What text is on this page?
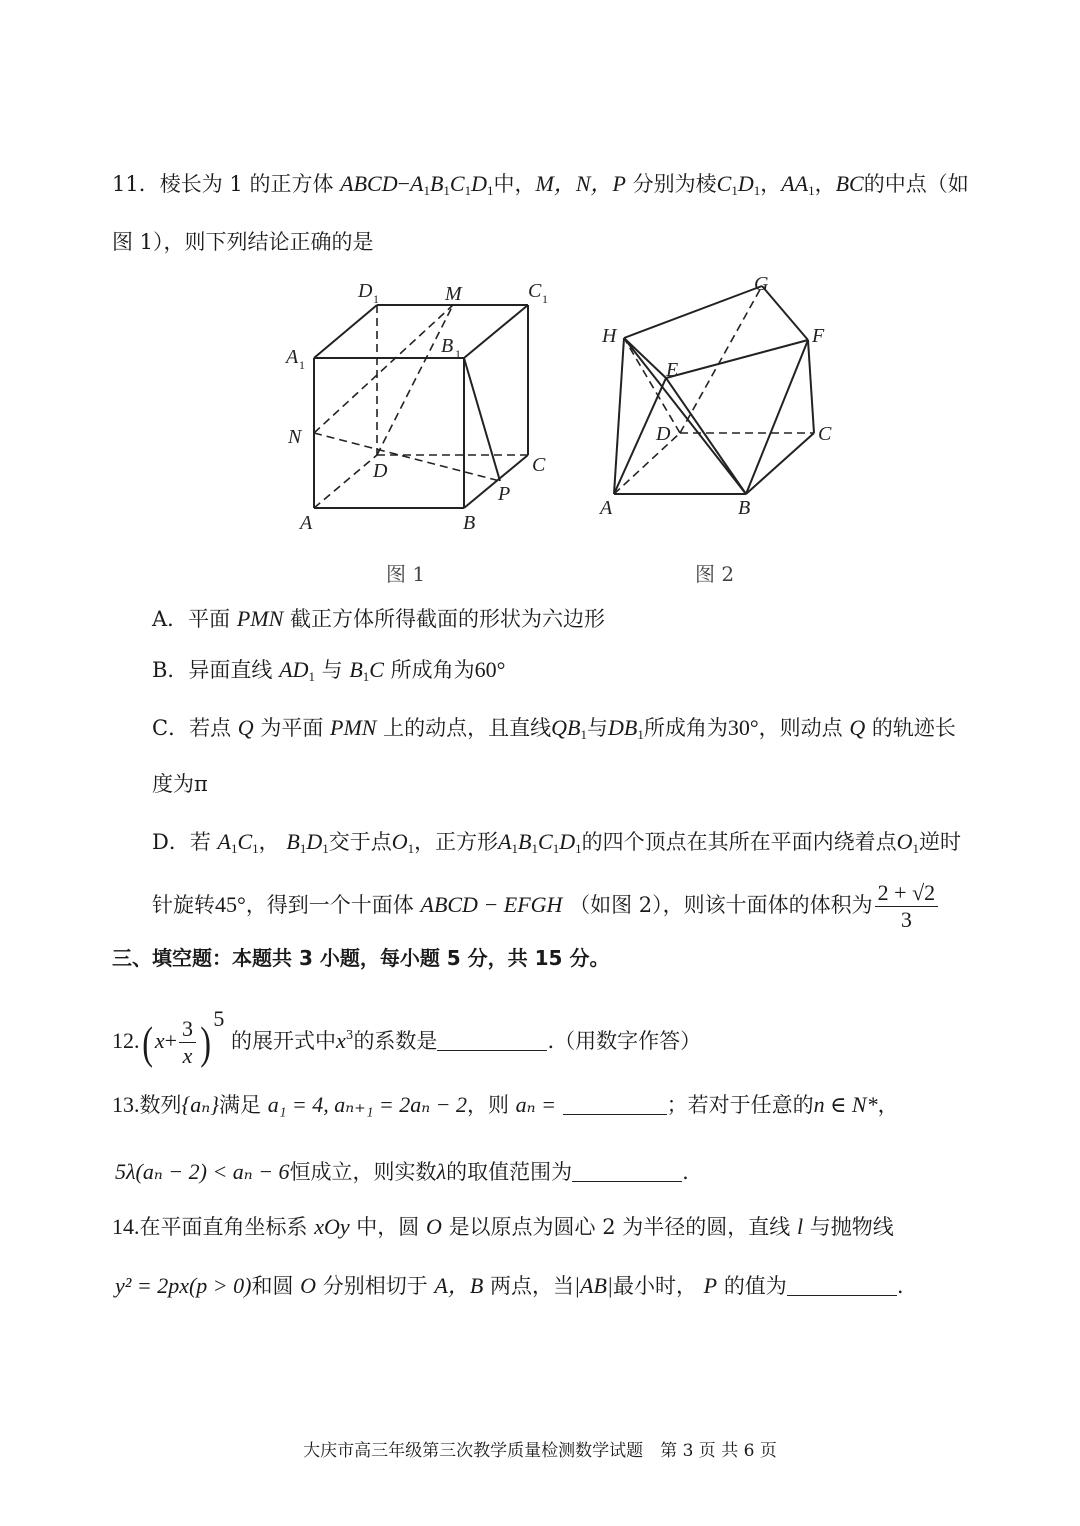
11．棱长为 1 的正方体 $ABCD-A_1B_1C_1D_1$中，M，N，P 分别为棱$C_1D_1$，$AA_1$，BC的中点（如
图 1），则下列结论正确的是
D 1	M	C 1
A 1
B 1
N
D	C
P
A	B
图 1
G
H	F
E
D	C
A	B
图 2
A．平面 PMN 截正方体所得截面的形状为六边形
B．异面直线 $AD_1$ 与 $B_1C$ 所成角为60°
C．若点 Q 为平面 PMN 上的动点，且直线$QB_1$与$DB_1$所成角为30°，则动点 Q 的轨迹长
度为π
D．若 $A_1C_1$， $B_1D_1$交于点$O_1$，正方形$A_1B_1C_1D_1$的四个顶点在其所在平面内绕着点$O_1$逆时
针旋转45°，得到一个十面体 ABCD − EFGH （如图 2），则该十面体的体积为 $\frac{2 + √2}{3}$
三、填空题：本题共 3 小题，每小题 5 分，共 15 分。
12.( $x+ \frac{3}{x}$ ) $^5$ 的展开式中$x^3$的系数是	.（用数字作答）
13.数列{aₙ}满足 a₁ = 4, aₙ₊₁ = 2aₙ − 2，则 aₙ =	；若对于任意的n ∈ N*，
5λ(aₙ − 2) < aₙ − 6恒成立，则实数λ的取值范围为	.
14.在平面直角坐标系 xOy 中，圆 O 是以原点为圆心 2 为半径的圆，直线 l 与抛物线
y² = 2px(p > 0)和圆 O 分别相切于 A，B 两点，当|AB|最小时， P 的值为	.
大庆市高三年级第三次教学质量检测数学试题　第 3 页 共 6 页
